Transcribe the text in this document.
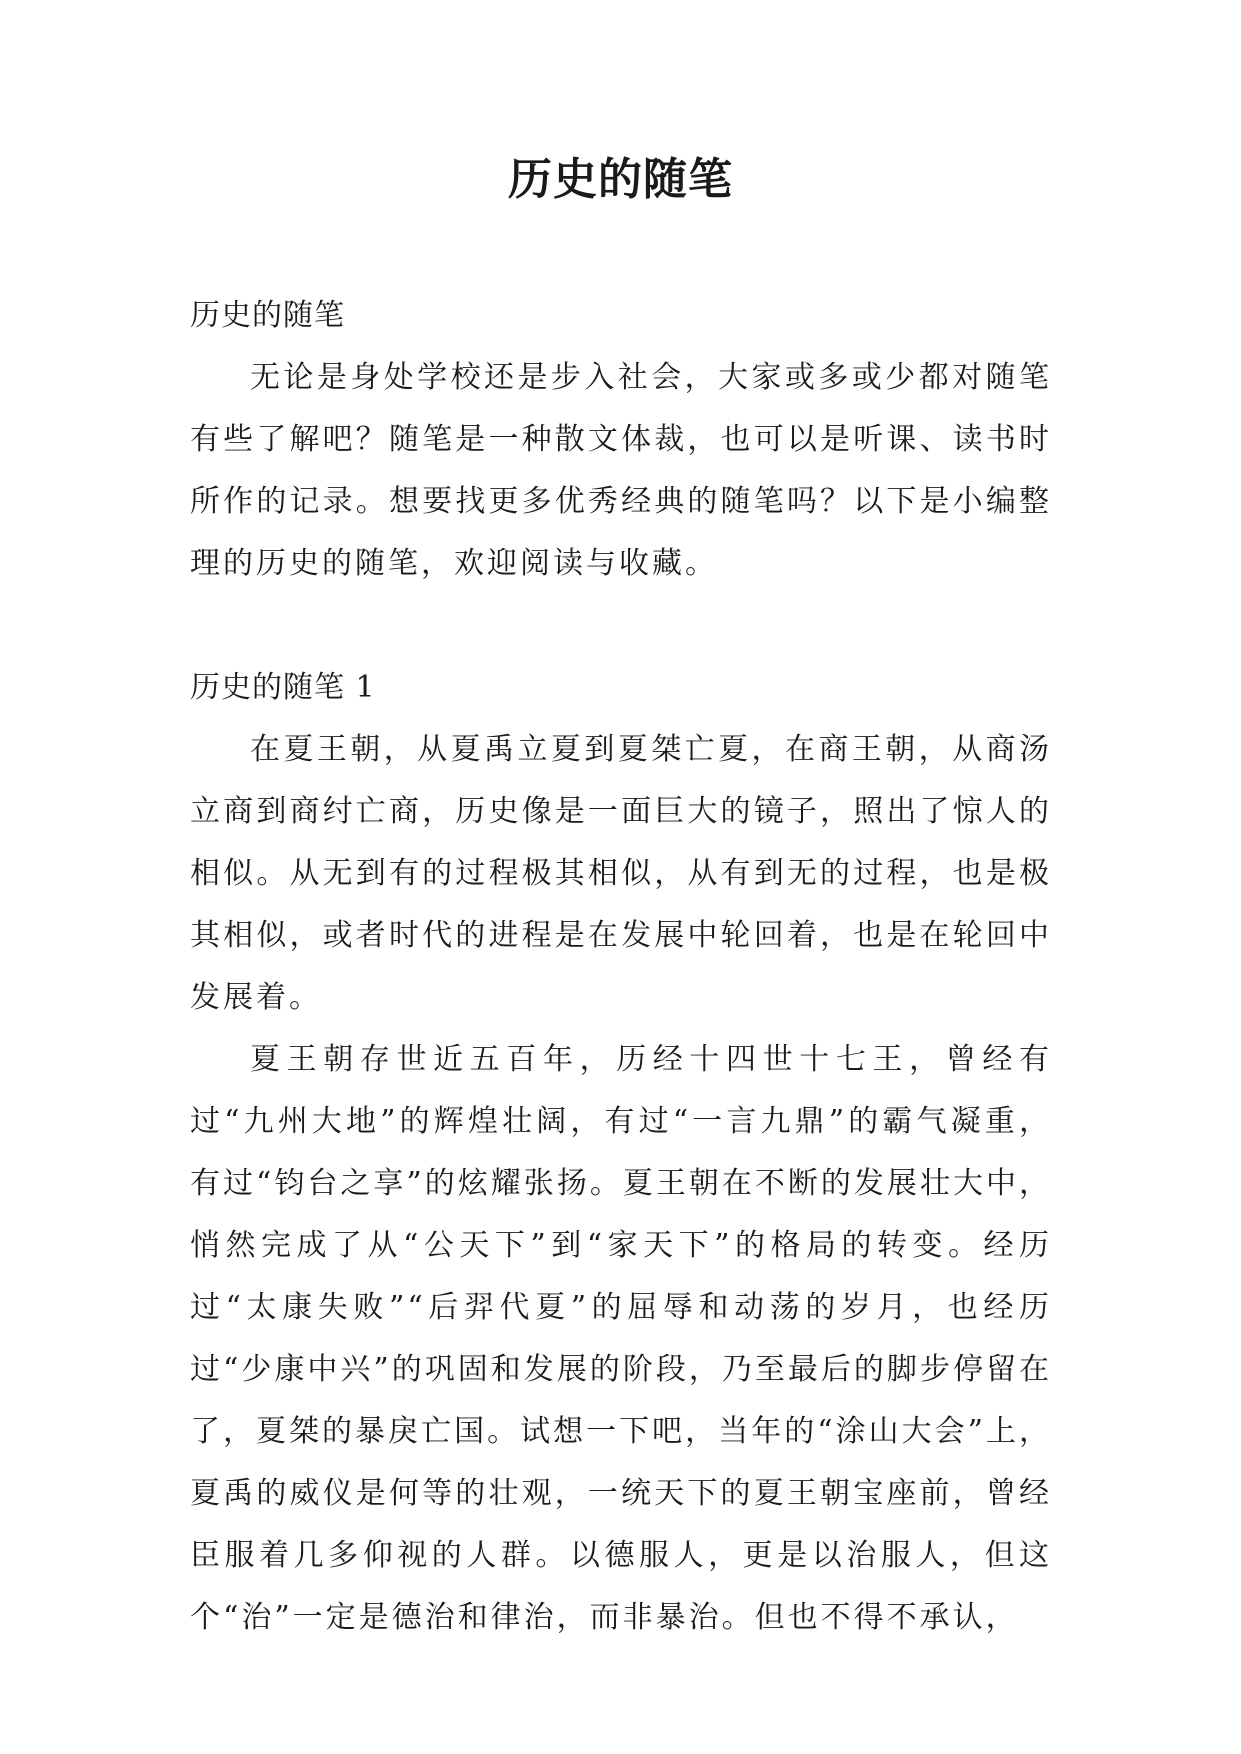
历史的随笔

历史的随笔

无论是身处学校还是步入社会，大家或多或少都对随笔有些了解吧？随笔是一种散文体裁，也可以是听课、读书时所作的记录。想要找更多优秀经典的随笔吗？以下是小编整理的历史的随笔，欢迎阅读与收藏。

历史的随笔 1

在夏王朝，从夏禹立夏到夏桀亡夏，在商王朝，从商汤立商到商纣亡商，历史像是一面巨大的镜子，照出了惊人的相似。从无到有的过程极其相似，从有到无的过程，也是极其相似，或者时代的进程是在发展中轮回着，也是在轮回中发展着。

夏王朝存世近五百年，历经十四世十七王，曾经有过“九州大地”的辉煌壮阔，有过“一言九鼎”的霸气凝重，有过“钧台之享”的炫耀张扬。夏王朝在不断的发展壮大中，悄然完成了从“公天下”到“家天下”的格局的转变。经历过“太康失败”“后羿代夏”的屈辱和动荡的岁月，也经历过“少康中兴”的巩固和发展的阶段，乃至最后的脚步停留在了，夏桀的暴戾亡国。试想一下吧，当年的“涂山大会”上，夏禹的威仪是何等的壮观，一统天下的夏王朝宝座前，曾经臣服着几多仰视的人群。以德服人，更是以治服人，但这个“治”一定是德治和律治，而非暴治。但也不得不承认，
